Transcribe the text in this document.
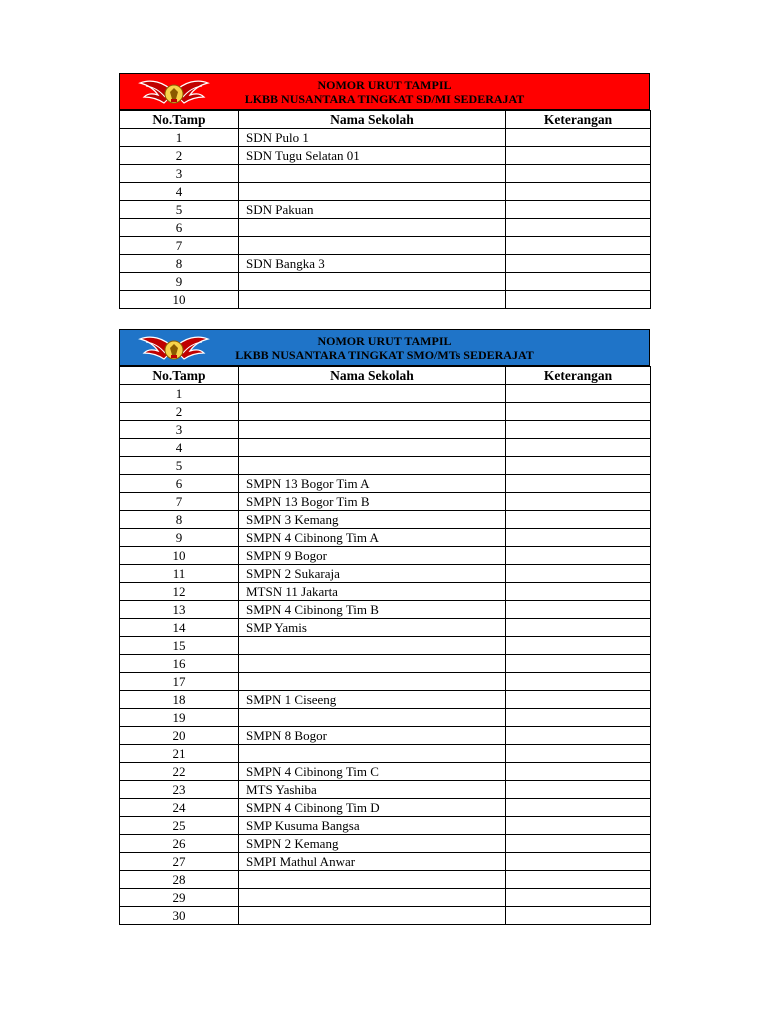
NOMOR URUT TAMPIL
LKBB NUSANTARA TINGKAT SD/MI SEDERAJAT
No.Tamp	Nama Sekolah	Keterangan
1	SDN Pulo 1	
2	SDN Tugu Selatan 01	
3		
4		
5	SDN Pakuan	
6		
7		
8	SDN Bangka 3	
9		
10		
NOMOR URUT TAMPIL
LKBB NUSANTARA TINGKAT SMO/MTs SEDERAJAT
No.Tamp	Nama Sekolah	Keterangan
1		
2		
3		
4		
5		
6	SMPN 13 Bogor Tim A	
7	SMPN 13 Bogor Tim B	
8	SMPN 3 Kemang	
9	SMPN 4 Cibinong Tim A	
10	SMPN 9 Bogor	
11	SMPN 2 Sukaraja	
12	MTSN 11 Jakarta	
13	SMPN 4 Cibinong Tim B	
14	SMP Yamis	
15		
16		
17		
18	SMPN 1 Ciseeng	
19		
20	SMPN 8 Bogor	
21		
22	SMPN 4 Cibinong Tim C	
23	MTS Yashiba	
24	SMPN 4 Cibinong Tim D	
25	SMP Kusuma Bangsa	
26	SMPN 2 Kemang	
27	SMPI Mathul Anwar	
28		
29		
30		
